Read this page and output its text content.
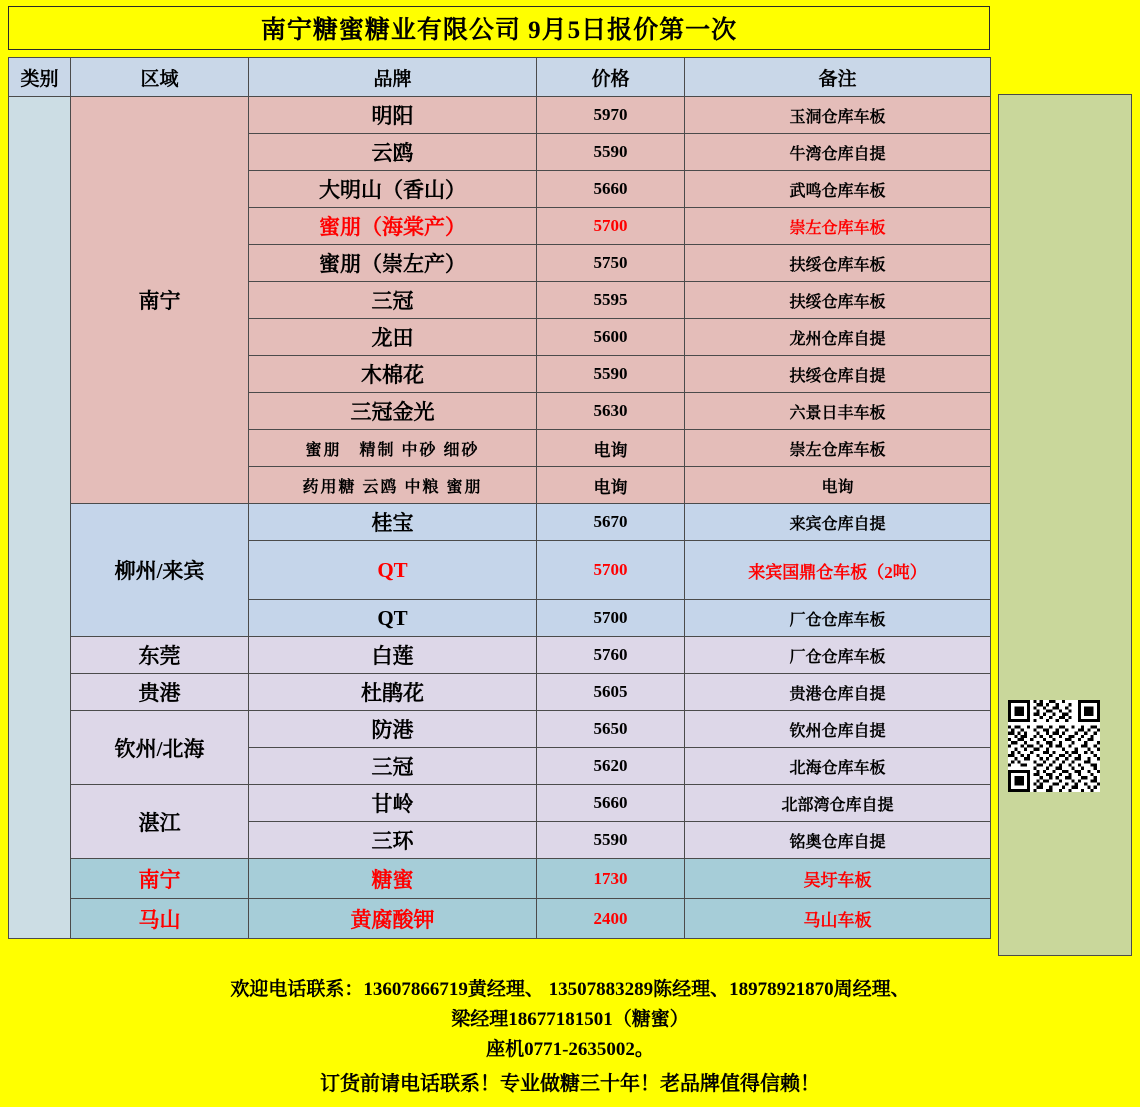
南宁糖蜜糖业有限公司 9月5日报价第一次
类别	区域	品牌	价格	备注
	南宁	明阳	5970	玉洞仓库车板
		云鸥	5590	牛湾仓库自提
		大明山（香山）	5660	武鸣仓库车板
		蜜朋（海棠产）	5700	崇左仓库车板
		蜜朋（崇左产）	5750	扶绥仓库车板
		三冠	5595	扶绥仓库车板
		龙田	5600	龙州仓库自提
		木棉花	5590	扶绥仓库自提
		三冠金光	5630	六景日丰车板
		蜜朋　精制 中砂 细砂	电询	崇左仓库车板
		药用糖 云鸥 中粮 蜜朋	电询	电询
	柳州/来宾	桂宝	5670	来宾仓库自提
		QT	5700	来宾国鼎仓车板（2吨）
		QT	5700	厂仓仓库车板
	东莞	白莲	5760	厂仓仓库车板
	贵港	杜鹃花	5605	贵港仓库自提
	钦州/北海	防港	5650	钦州仓库自提
		三冠	5620	北海仓库车板
	湛江	甘岭	5660	北部湾仓库自提
		三环	5590	铭奥仓库自提
	南宁	糖蜜	1730	吴圩车板
	马山	黄腐酸钾	2400	马山车板
欢迎电话联系：13607866719黄经理、 13507883289陈经理、18978921870周经理、
梁经理18677181501（糖蜜）
座机0771-2635002。
订货前请电话联系！专业做糖三十年！老品牌值得信赖！
